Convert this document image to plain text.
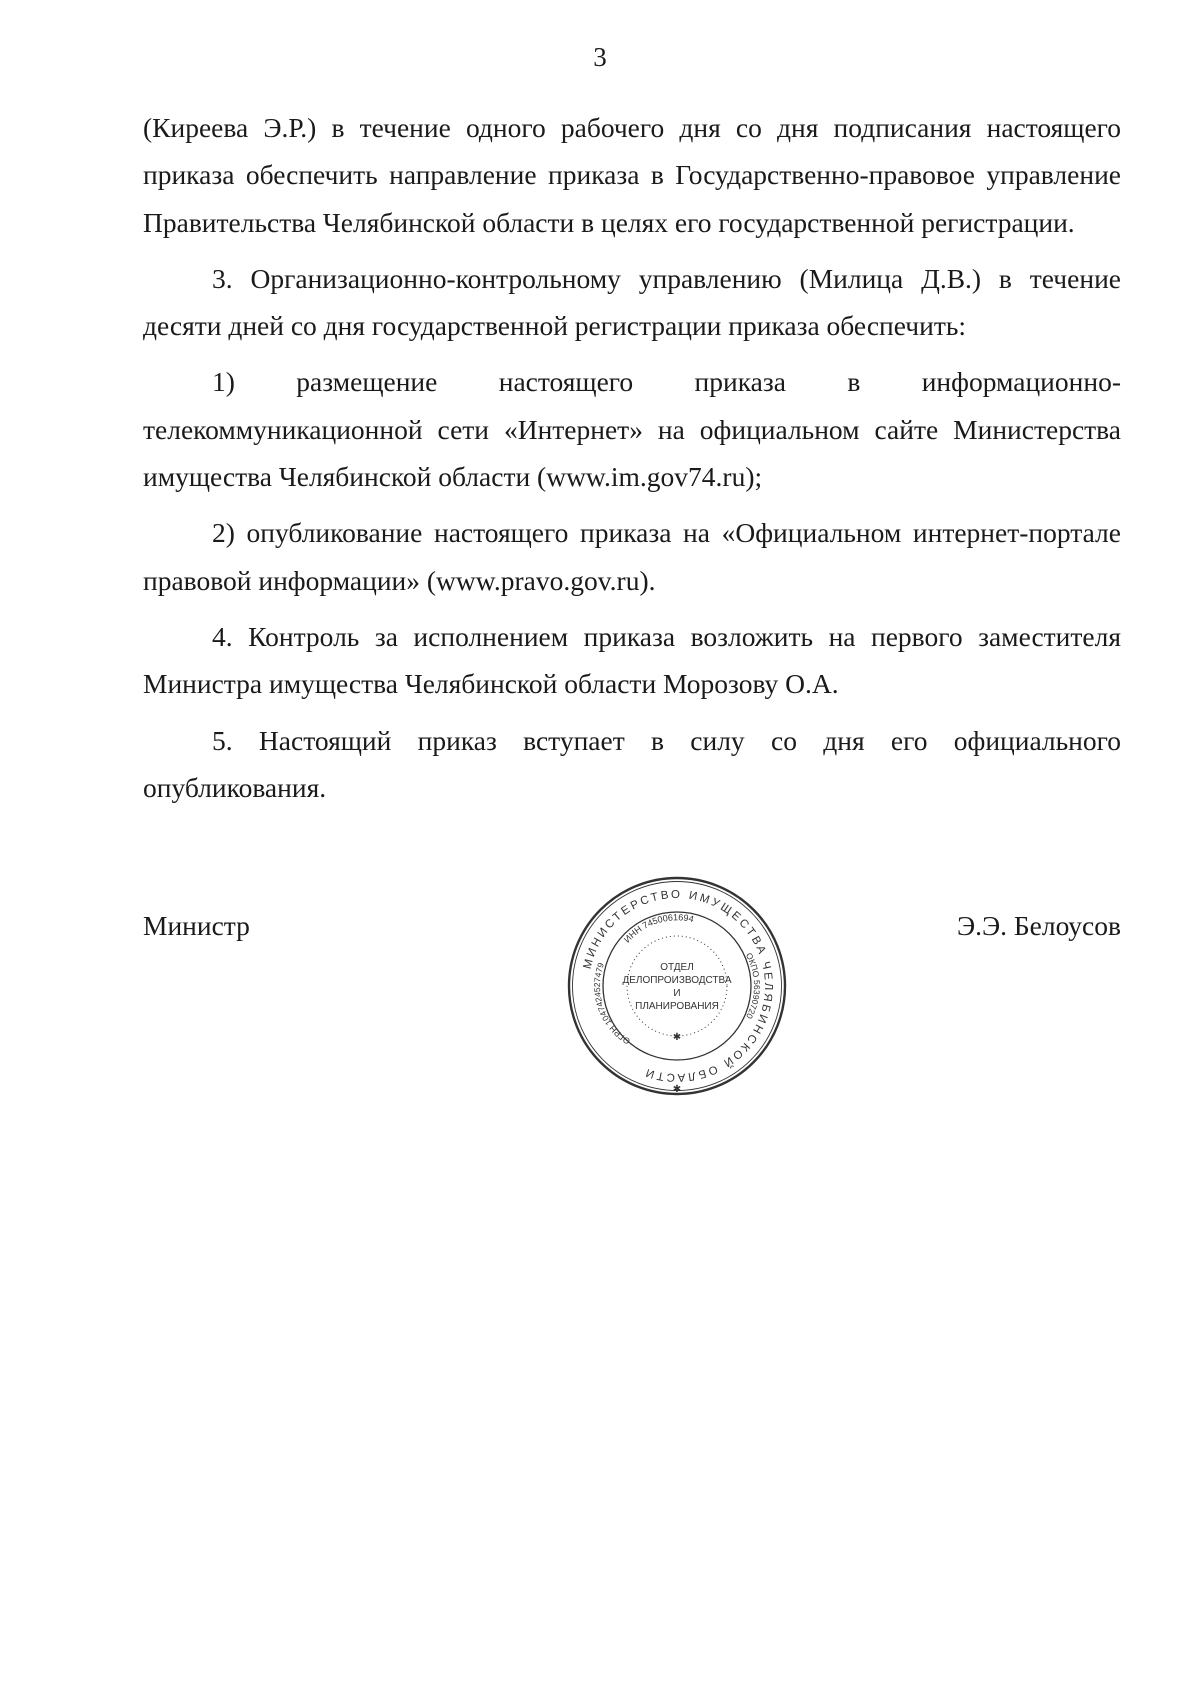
3

(Киреева Э.Р.) в течение одного рабочего дня со дня подписания настоящего приказа обеспечить направление приказа в Государственно-правовое управление Правительства Челябинской области в целях его государственной регистрации.

3. Организационно-контрольному управлению (Милица Д.В.) в течение десяти дней со дня государственной регистрации приказа обеспечить:

1) размещение настоящего приказа в информационно-телекоммуникационной сети «Интернет» на официальном сайте Министерства имущества Челябинской области (www.im.gov74.ru);

2) опубликование настоящего приказа на «Официальном интернет-портале правовой информации» (www.pravo.gov.ru).

4. Контроль за исполнением приказа возложить на первого заместителя Министра имущества Челябинской области Морозову О.А.

5. Настоящий приказ вступает в силу со дня его официального опубликования.

Министр	Э.Э. Белоусов
МИНИСТЕРСТВО ИМУЩЕСТВА ЧЕЛЯБИНСКОЙ ОБЛАСТИ
ИНН 7450061694
ОГРН 1047424527479
ОКПО 56390720
ОТДЕЛ
ДЕЛОПРОИЗВОДСТВА
И
ПЛАНИРОВАНИЯ
✱
✱
